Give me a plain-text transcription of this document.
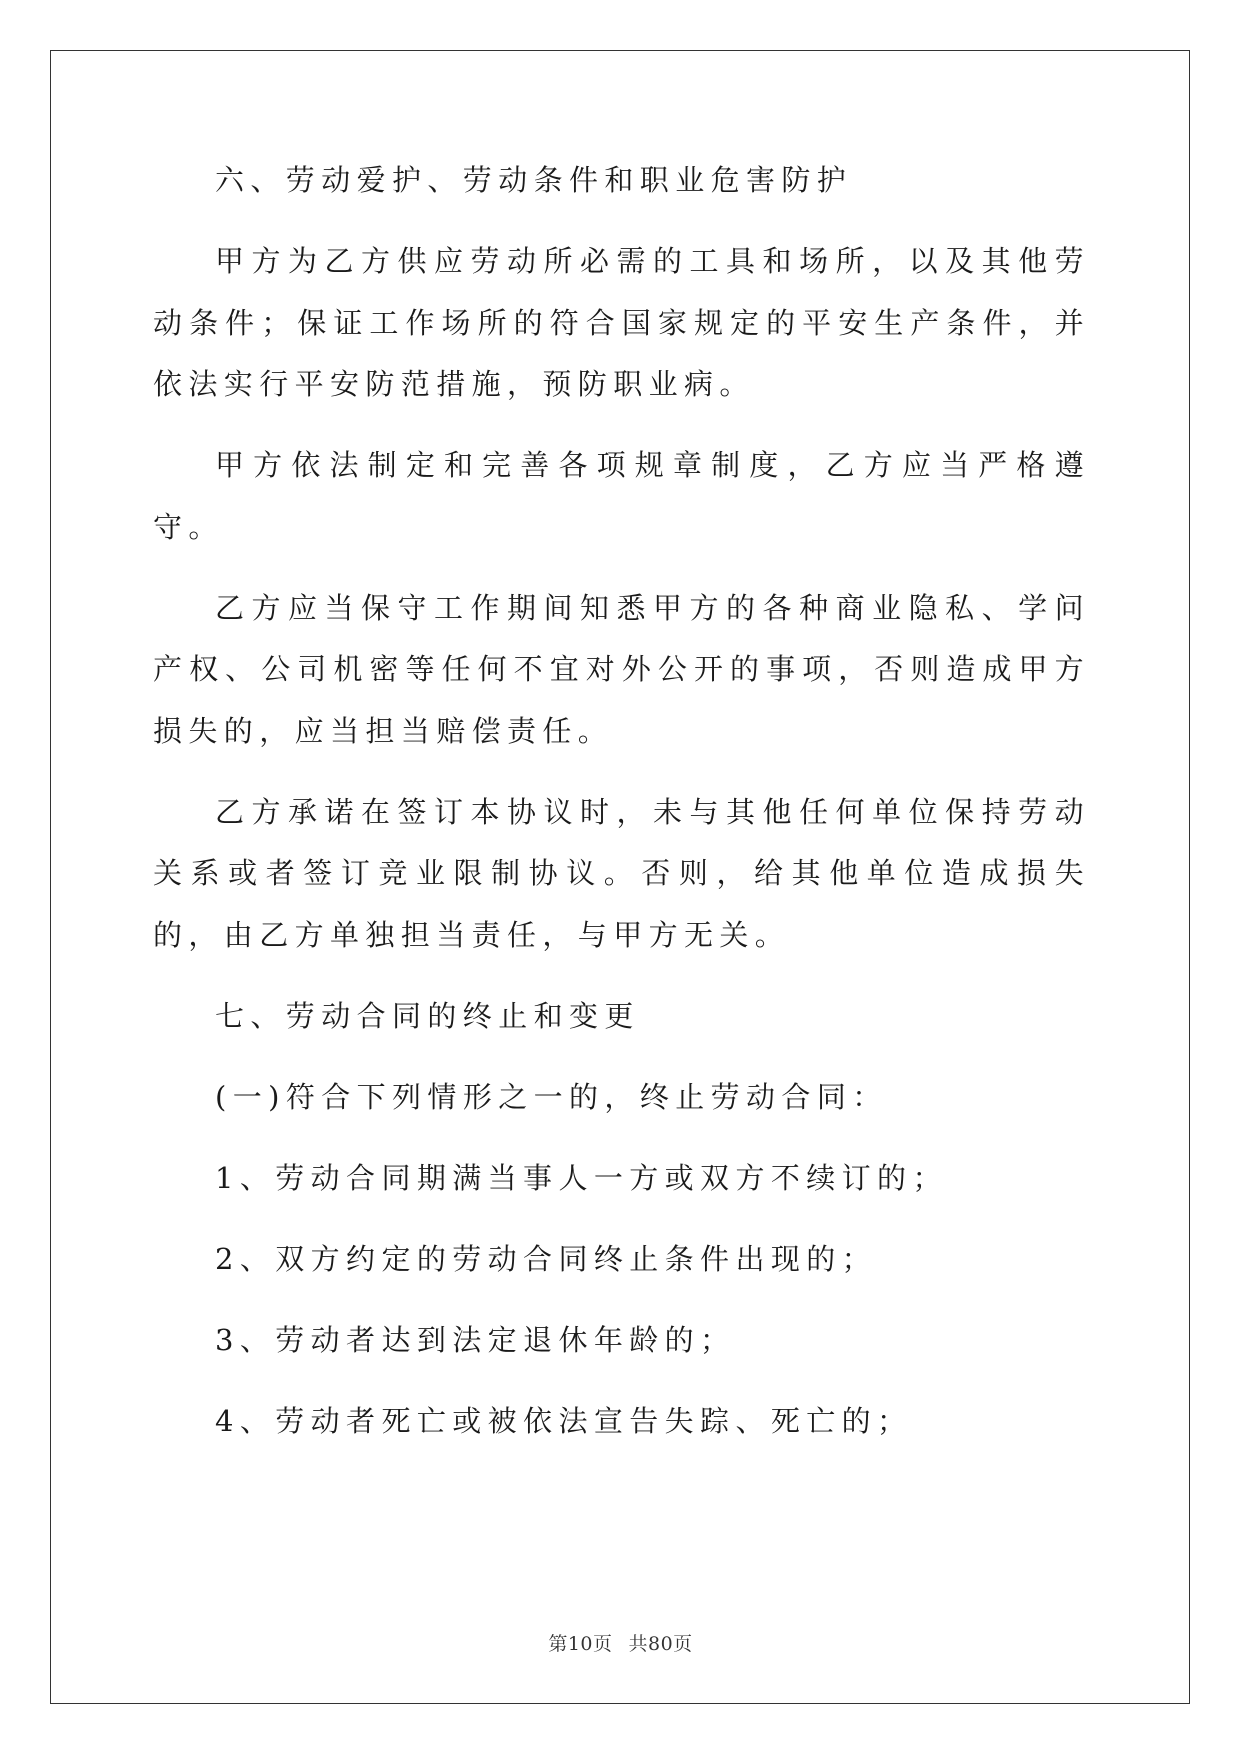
六、劳动爱护、劳动条件和职业危害防护

甲方为乙方供应劳动所必需的工具和场所，以及其他劳动条件；保证工作场所的符合国家规定的平安生产条件，并依法实行平安防范措施，预防职业病。

甲方依法制定和完善各项规章制度，乙方应当严格遵守。

乙方应当保守工作期间知悉甲方的各种商业隐私、学问产权、公司机密等任何不宜对外公开的事项，否则造成甲方损失的，应当担当赔偿责任。

乙方承诺在签订本协议时，未与其他任何单位保持劳动关系或者签订竞业限制协议。否则，给其他单位造成损失的，由乙方单独担当责任，与甲方无关。

七、劳动合同的终止和变更

(一)符合下列情形之一的，终止劳动合同：

1、劳动合同期满当事人一方或双方不续订的；

2、双方约定的劳动合同终止条件出现的；

3、劳动者达到法定退休年龄的；

4、劳动者死亡或被依法宣告失踪、死亡的；

第10页 共80页
